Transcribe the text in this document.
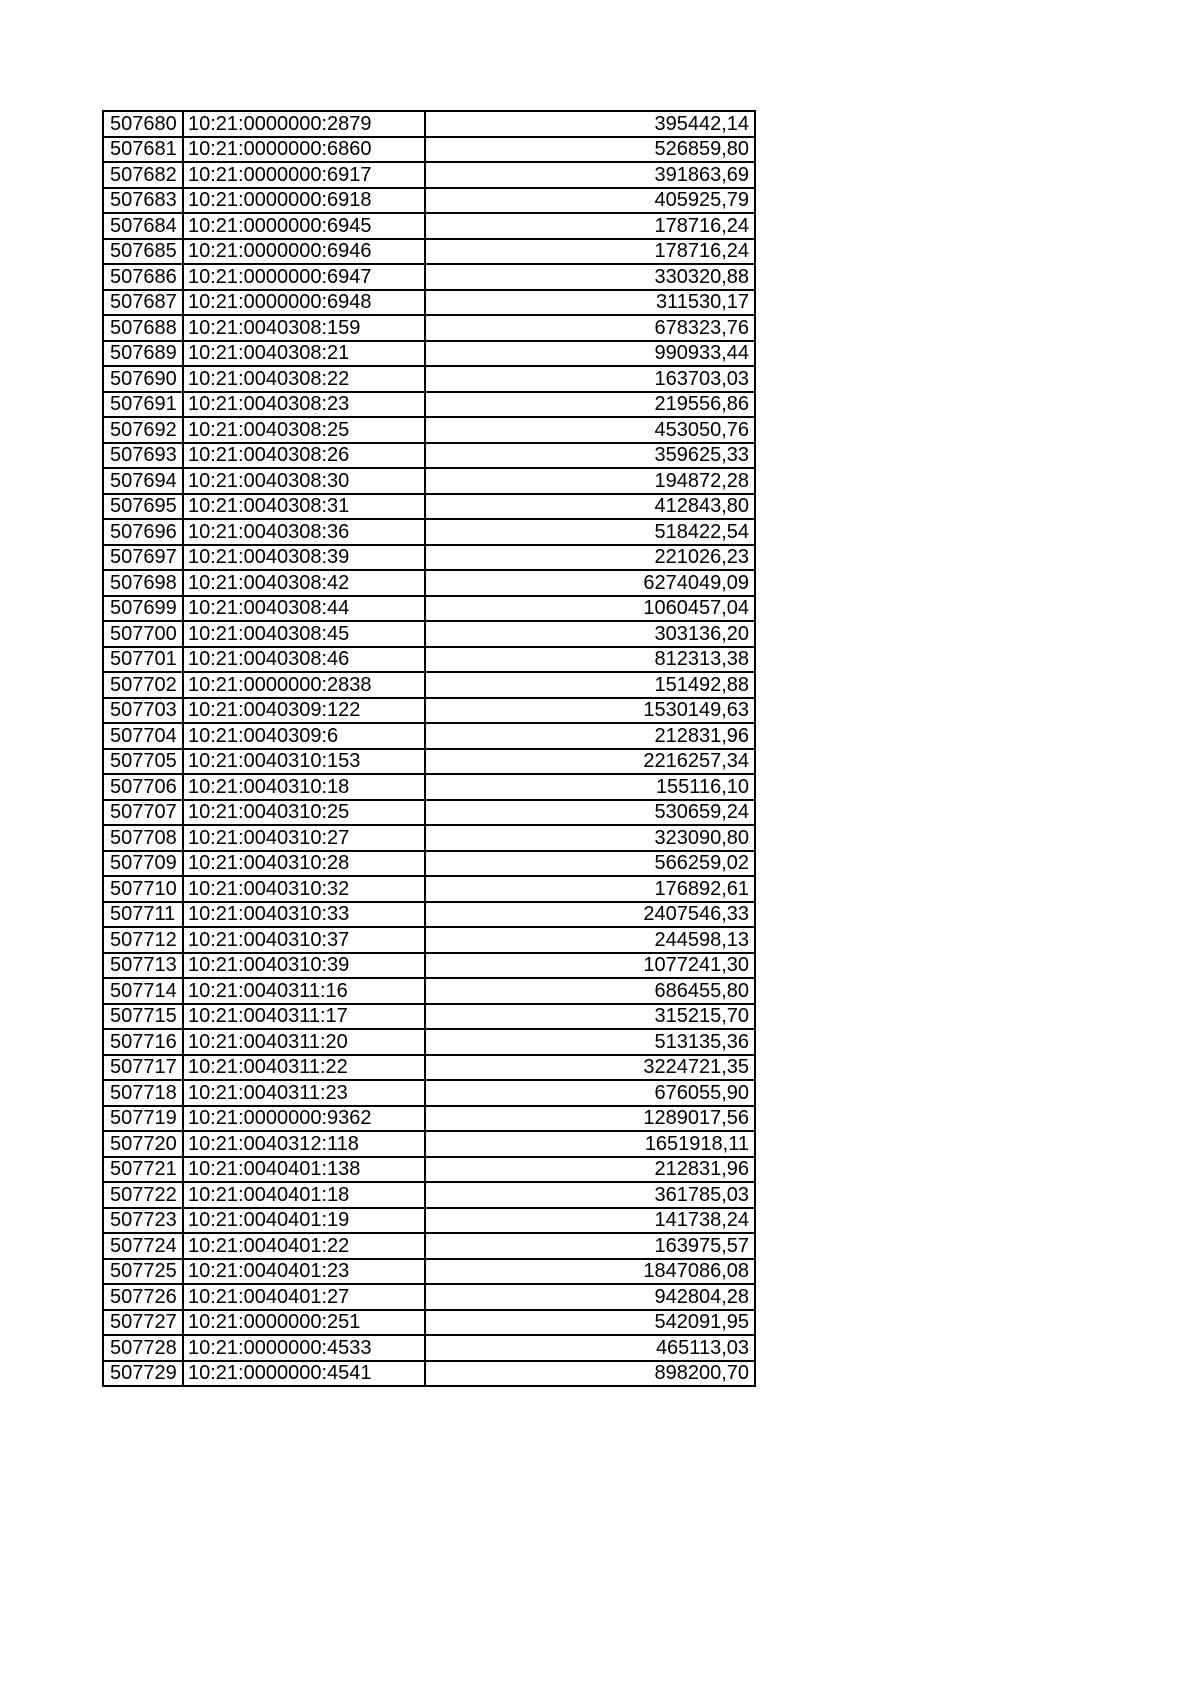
507680	10:21:0000000:2879	395442,14
507681	10:21:0000000:6860	526859,80
507682	10:21:0000000:6917	391863,69
507683	10:21:0000000:6918	405925,79
507684	10:21:0000000:6945	178716,24
507685	10:21:0000000:6946	178716,24
507686	10:21:0000000:6947	330320,88
507687	10:21:0000000:6948	311530,17
507688	10:21:0040308:159	678323,76
507689	10:21:0040308:21	990933,44
507690	10:21:0040308:22	163703,03
507691	10:21:0040308:23	219556,86
507692	10:21:0040308:25	453050,76
507693	10:21:0040308:26	359625,33
507694	10:21:0040308:30	194872,28
507695	10:21:0040308:31	412843,80
507696	10:21:0040308:36	518422,54
507697	10:21:0040308:39	221026,23
507698	10:21:0040308:42	6274049,09
507699	10:21:0040308:44	1060457,04
507700	10:21:0040308:45	303136,20
507701	10:21:0040308:46	812313,38
507702	10:21:0000000:2838	151492,88
507703	10:21:0040309:122	1530149,63
507704	10:21:0040309:6	212831,96
507705	10:21:0040310:153	2216257,34
507706	10:21:0040310:18	155116,10
507707	10:21:0040310:25	530659,24
507708	10:21:0040310:27	323090,80
507709	10:21:0040310:28	566259,02
507710	10:21:0040310:32	176892,61
507711	10:21:0040310:33	2407546,33
507712	10:21:0040310:37	244598,13
507713	10:21:0040310:39	1077241,30
507714	10:21:0040311:16	686455,80
507715	10:21:0040311:17	315215,70
507716	10:21:0040311:20	513135,36
507717	10:21:0040311:22	3224721,35
507718	10:21:0040311:23	676055,90
507719	10:21:0000000:9362	1289017,56
507720	10:21:0040312:118	1651918,11
507721	10:21:0040401:138	212831,96
507722	10:21:0040401:18	361785,03
507723	10:21:0040401:19	141738,24
507724	10:21:0040401:22	163975,57
507725	10:21:0040401:23	1847086,08
507726	10:21:0040401:27	942804,28
507727	10:21:0000000:251	542091,95
507728	10:21:0000000:4533	465113,03
507729	10:21:0000000:4541	898200,70
